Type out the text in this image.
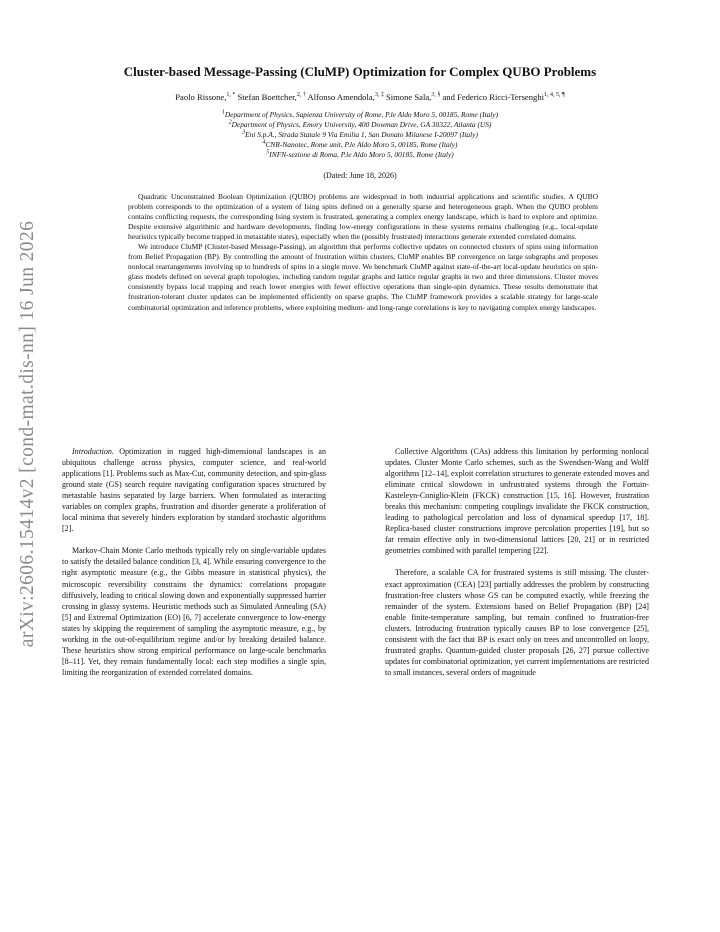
arXiv:2606.15414v2 [cond-mat.dis-nn] 16 Jun 2026
Cluster-based Message-Passing (CluMP) Optimization for Complex QUBO Problems
Paolo Rissone,$^{1, *}$ Stefan Boettcher,$^{2, \dagger}$ Alfonso Amendola,$^{3, \ddagger}$ Simone Sala,$^{3, \S}$ and Federico Ricci-Tersenghi$^{1, 4, 5, \P}$
$^1$Department of Physics, Sapienza University of Rome, P.le Aldo Moro 5, 00185, Rome (Italy)
$^2$Department of Physics, Emory University, 400 Dowman Drive, GA 30322, Atlanta (US)
$^3$Eni S.p.A., Strada Statale 9 Via Emilia 1, San Donato Milanese I-20097 (Italy)
$^4$CNR-Nanotec, Rome unit, P.le Aldo Moro 5, 00185, Rome (Italy)
$^5$INFN-sezione di Roma, P.le Aldo Moro 5, 00185, Rome (Italy)
(Dated: June 18, 2026)

Quadratic Unconstrained Boolean Optimization (QUBO) problems are widespread in both industrial applications and scientific studies. A QUBO problem corresponds to the optimization of a system of Ising spins defined on a generally sparse and heterogeneous graph. When the QUBO problem contains conflicting requests, the corresponding Ising system is frustrated, generating a complex energy landscape, which is hard to explore and optimize. Despite extensive algorithmic and hardware developments, finding low-energy configurations in these systems remains challenging (e.g., local-update heuristics typically become trapped in metastable states), especially when the (possibly frustrated) interactions generate extended correlated domains.

We introduce CluMP (Cluster-based Message-Passing), an algorithm that performs collective updates on connected clusters of spins using information from Belief Propagation (BP). By controlling the amount of frustration within clusters, CluMP enables BP convergence on large subgraphs and proposes nonlocal rearrangements involving up to hundreds of spins in a single move. We benchmark CluMP against state-of-the-art local-update heuristics on spin-glass models defined on several graph topologies, including random regular graphs and lattice regular graphs in two and three dimensions. Cluster moves consistently bypass local trapping and reach lower energies with fewer effective operations than single-spin dynamics. These results demonstrate that frustration-tolerant cluster updates can be implemented efficiently on sparse graphs. The CluMP framework provides a scalable strategy for large-scale combinatorial optimization and inference problems, where exploiting medium- and long-range correlations is key to navigating complex energy landscapes.

Introduction. Optimization in rugged high-dimensional landscapes is an ubiquitous challenge across physics, computer science, and real-world applications [1]. Problems such as Max-Cut, community detection, and spin-glass ground state (GS) search require navigating configuration spaces structured by metastable basins separated by large barriers. When formulated as interacting variables on complex graphs, frustration and disorder generate a proliferation of local minima that severely hinders exploration by standard stochastic algorithms [2].

Markov-Chain Monte Carlo methods typically rely on single-variable updates to satisfy the detailed balance condition [3, 4]. While ensuring convergence to the right asymptotic measure (e.g., the Gibbs measure in statistical physics), the microscopic reversibility constrains the dynamics: correlations propagate diffusively, leading to critical slowing down and exponentially suppressed barrier crossing in glassy systems. Heuristic methods such as Simulated Annealing (SA) [5] and Extremal Optimization (EO) [6, 7] accelerate convergence to low-energy states by skipping the requirement of sampling the asymptotic measure, e.g., by working in the out-of-equilibrium regime and/or by breaking detailed balance. These heuristics show strong empirical performance on large-scale benchmarks [8–11]. Yet, they remain fundamentally local: each step modifies a single spin, limiting the reorganization of extended correlated domains.

Collective Algorithms (CAs) address this limitation by performing nonlocal updates. Cluster Monte Carlo schemes, such as the Swendsen-Wang and Wolff algorithms [12–14], exploit correlation structures to generate extended moves and eliminate critical slowdown in unfrustrated systems through the Fortuin-Kasteleyn-Coniglio-Klein (FKCK) construction [15, 16]. However, frustration breaks this mechanism: competing couplings invalidate the FKCK construction, leading to pathological percolation and loss of dynamical speedup [17, 18]. Replica-based cluster constructions improve percolation properties [19], but so far remain effective only in two-dimensional lattices [20, 21] or in restricted geometries combined with parallel tempering [22].

Therefore, a scalable CA for frustrated systems is still missing. The cluster-exact approximation (CEA) [23] partially addresses the problem by constructing frustration-free clusters whose GS can be computed exactly, while freezing the remainder of the system. Extensions based on Belief Propagation (BP) [24] enable finite-temperature sampling, but remain confined to frustration-free clusters. Introducing frustration typically causes BP to lose convergence [25], consistent with the fact that BP is exact only on trees and uncontrolled on loopy, frustrated graphs. Quantum-guided cluster proposals [26, 27] pursue collective updates for combinatorial optimization, yet current implementations are restricted to small instances, several orders of magnitude
